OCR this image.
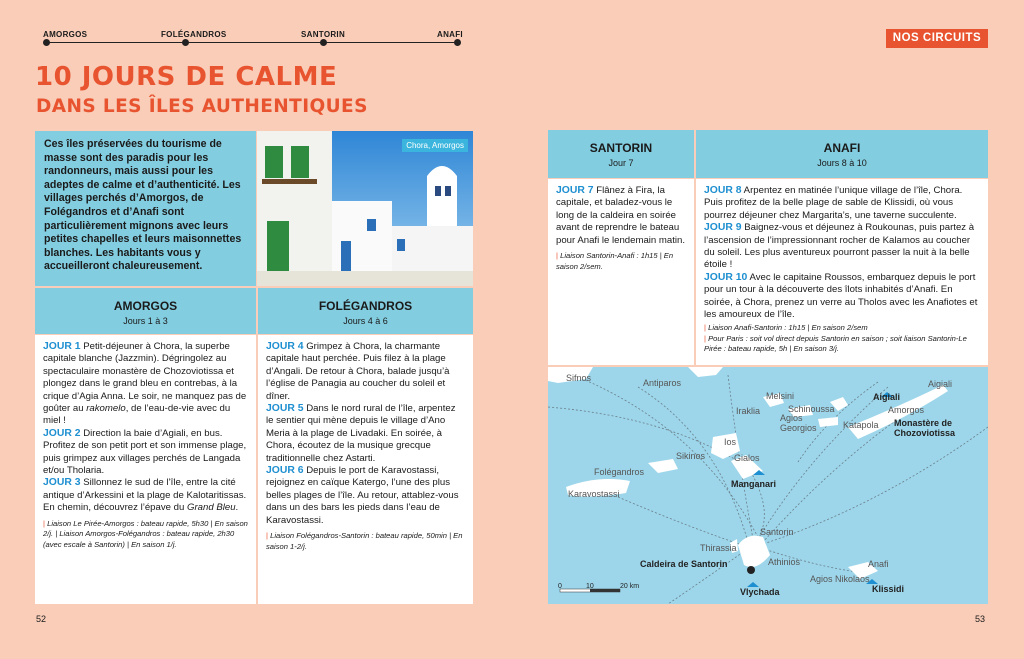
AMORGOS	FOLÉGANDROS	SANTORIN	ANAFI	NOS CIRCUITS
10 JOURS DE CALME
DANS LES ÎLES AUTHENTIQUES

Ces îles préservées du tourisme de masse sont des paradis pour les randonneurs, mais aussi pour les adeptes de calme et d’authenticité. Les villages perchés d’Amorgos, de Folégandros et d’Anafi sont particulièrement mignons avec leurs petites chapelles et leurs maisonnettes blanches. Les habitants vous y accueilleront chaleureusement.

Chora, Amorgos
AMORGOS
Jours 1 à 3

JOUR 1 Petit-déjeuner à Chora, la superbe capitale blanche (Jazzmin). Dégringolez au spectaculaire monastère de Chozoviotissa et plongez dans le grand bleu en contrebas, à la crique d’Agia Anna. Le soir, ne manquez pas de goûter au rakomelo, de l’eau-de-vie avec du miel !

JOUR 2 Direction la baie d’Agiali, en bus. Profitez de son petit port et son immense plage, puis grimpez aux villages perchés de Langada et/ou Tholaria.

JOUR 3 Sillonnez le sud de l’île, entre la cité antique d’Arkessini et la plage de Kalotaritissas. En chemin, découvrez l’épave du Grand Bleu.

| Liaison Le Pirée-Amorgos : bateau rapide, 5h30 | En saison 2/j. | Liaison Amorgos-Folégandros : bateau rapide, 2h30 (avec escale à Santorin) | En saison 1/j.
FOLÉGANDROS
Jours 4 à 6

JOUR 4 Grimpez à Chora, la charmante capitale haut perchée. Puis filez à la plage d’Angali. De retour à Chora, balade jusqu’à l’église de Panagia au coucher du soleil et dîner.

JOUR 5 Dans le nord rural de l’île, arpentez le sentier qui mène depuis le village d’Ano Meria à la plage de Livadaki. En soirée, à Chora, écoutez de la musique grecque traditionnelle chez Astarti.

JOUR 6 Depuis le port de Karavostassi, rejoignez en caïque Katergo, l’une des plus belles plages de l’île. Au retour, attablez-vous dans un des bars les pieds dans l’eau de Karavostassi.

| Liaison Folégandros-Santorin : bateau rapide, 50min | En saison 1-2/j.
SANTORIN
Jour 7

JOUR 7 Flânez à Fira, la capitale, et baladez-vous le long de la caldeira en soirée avant de reprendre le bateau pour Anafi le lendemain matin.

| Liaison Santorin-Anafi : 1h15 | En saison 2/sem.
ANAFI
Jours 8 à 10

JOUR 8 Arpentez en matinée l’unique village de l’île, Chora. Puis profitez de la belle plage de sable de Klissidi, où vous pourrez déjeuner chez Margarita’s, une taverne succulente.

JOUR 9 Baignez-vous et déjeunez à Roukounas, puis partez à l’ascension de l’impressionnant rocher de Kalamos au coucher du soleil. Les plus aventureux pourront passer la nuit à la belle étoile !

JOUR 10 Avec le capitaine Roussos, embarquez depuis le port pour un tour à la découverte des îlots inhabités d’Anafi. En soirée, à Chora, prenez un verre au Tholos avec les Anafiotes et les amoureux de l’île.

| Liaison Anafi-Santorin : 1h15 | En saison 2/sem
| Pour Paris : soit vol direct depuis Santorin en saison ; soit liaison Santorin-Le Pirée : bateau rapide, 5h | En saison 3/j.
Sifnos	Antiparos
Amorgos
Aigiali
Melsini
Schinoussa
Iraklia
Agios
Georgios	Katapola
Ios
Gialos
Sikinos
Folégandros
Karavostassi
Santorin
Thirassia
Athinios	Anafi
Agios Nikolaos
0	10	20 km
Aigiali
Monastère de
Chozoviotissa
Manganari
Caldeira de Santorin
Vlychada	Klissidi
52	53
